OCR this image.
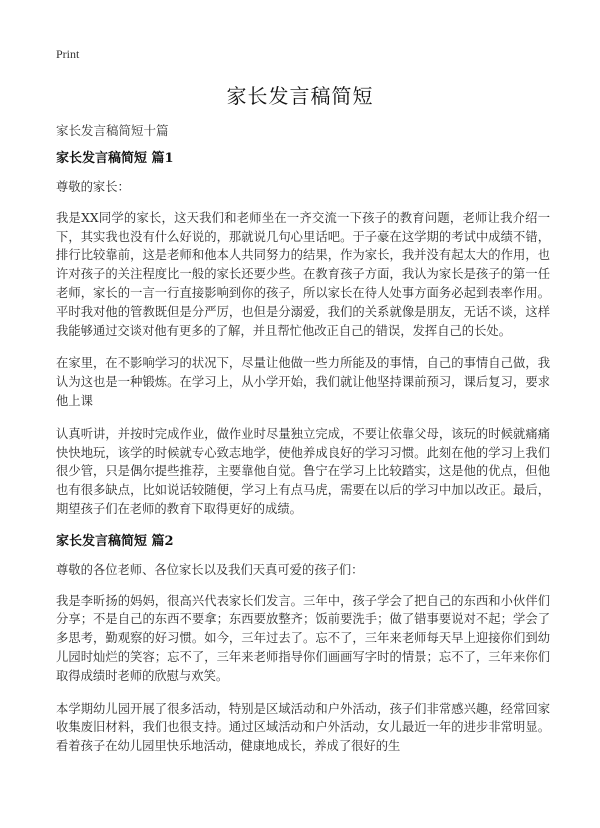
Print
家长发言稿简短
家长发言稿简短十篇
家长发言稿简短 篇1

尊敬的家长：

我是XX同学的家长，这天我们和老师坐在一齐交流一下孩子的教育问题，老师让我介绍一下，其实我也没有什么好说的，那就说几句心里话吧。于子豪在这学期的考试中成绩不错，排行比较靠前，这是老师和他本人共同努力的结果，作为家长，我并没有起太大的作用，也许对孩子的关注程度比一般的家长还要少些。在教育孩子方面，我认为家长是孩子的第一任老师，家长的一言一行直接影响到你的孩子，所以家长在待人处事方面务必起到表率作用。平时我对他的管教既但是分严厉，也但是分溺爱，我们的关系就像是朋友，无话不谈，这样我能够通过交谈对他有更多的了解，并且帮忙他改正自己的错误，发挥自己的长处。

在家里，在不影响学习的状况下，尽量让他做一些力所能及的事情，自己的事情自己做，我认为这也是一种锻炼。在学习上，从小学开始，我们就让他坚持课前预习，课后复习，要求他上课

认真听讲，并按时完成作业，做作业时尽量独立完成，不要让依靠父母，该玩的时候就痛痛快快地玩，该学的时候就专心致志地学，使他养成良好的学习习惯。此刻在他的学习上我们很少管，只是偶尔提些推荐，主要靠他自觉。鲁宁在学习上比较踏实，这是他的优点，但他也有很多缺点，比如说话较随便，学习上有点马虎，需要在以后的学习中加以改正。最后，期望孩子们在老师的教育下取得更好的成绩。

家长发言稿简短 篇2

尊敬的各位老师、各位家长以及我们天真可爱的孩子们：

我是李昕扬的妈妈，很高兴代表家长们发言。三年中，孩子学会了把自己的东西和小伙伴们分享；不是自己的东西不要拿；东西要放整齐；饭前要洗手；做了错事要说对不起；学会了多思考，勤观察的好习惯。如今，三年过去了。忘不了，三年来老师每天早上迎接你们到幼儿园时灿烂的笑容；忘不了，三年来老师指导你们画画写字时的情景；忘不了，三年来你们取得成绩时老师的欣慰与欢笑。

本学期幼儿园开展了很多活动，特别是区域活动和户外活动，孩子们非常感兴趣，经常回家收集废旧材料，我们也很支持。通过区域活动和户外活动，女儿最近一年的进步非常明显。看着孩子在幼儿园里快乐地活动，健康地成长，养成了很好的生
